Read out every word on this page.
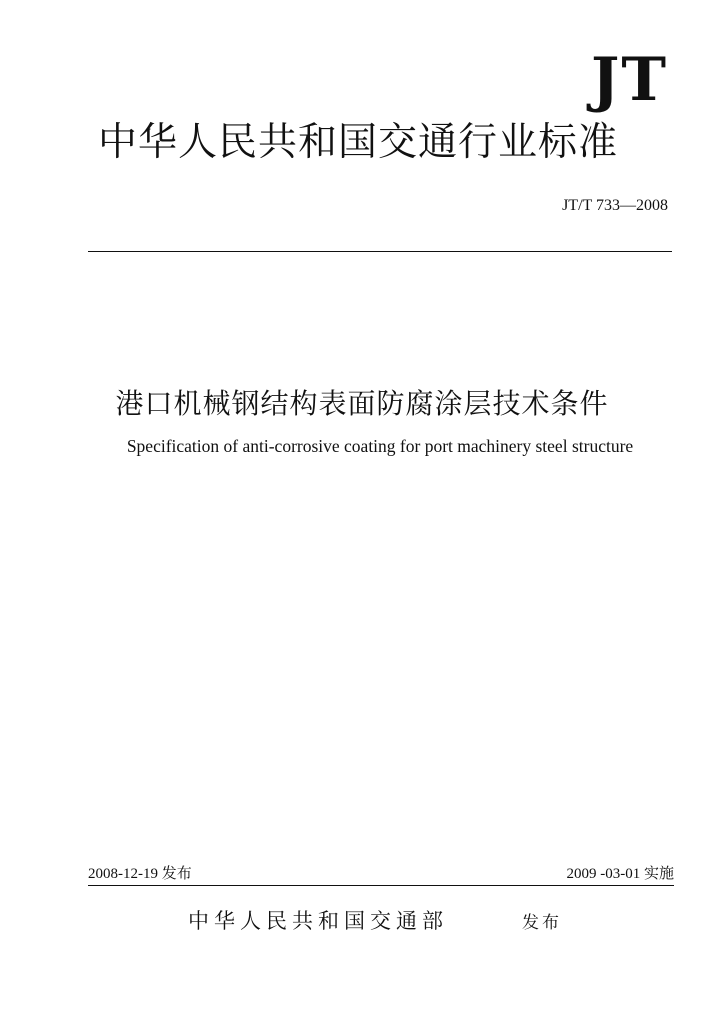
JT
中华人民共和国交通行业标准
JT/T 733—2008
港口机械钢结构表面防腐涂层技术条件
Specification of anti-corrosive coating for port machinery steel structure
2008-12-19 发布	2009 -03-01 实施
中华人民共和国交通部	发布
